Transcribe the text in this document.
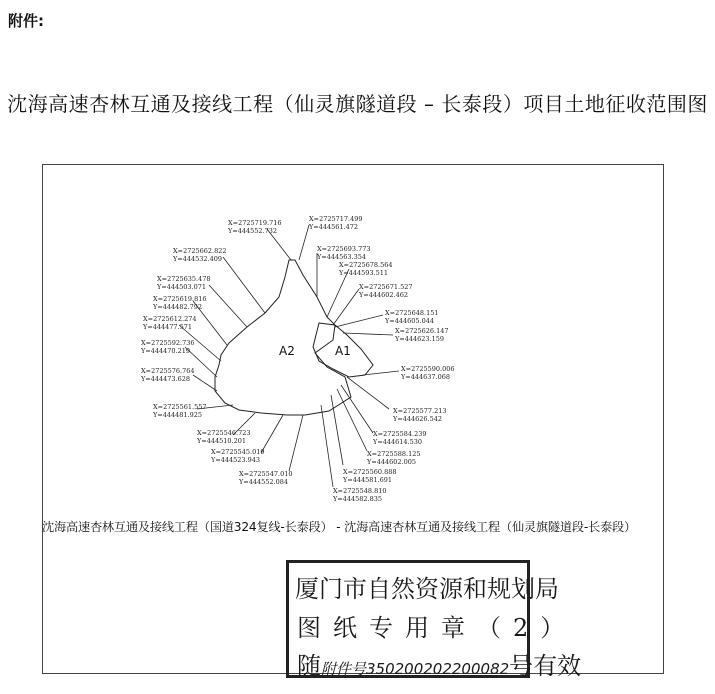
附件:
沈海高速杏林互通及接线工程（仙灵旗隧道段 – 长泰段）项目土地征收范围图
A2	A1
X=2725719.716
Y=444552.732
X=2725717.499
Y=444561.472
X=2725693.773
Y=444563.354
X=2725678.564
Y=444593.511
X=2725671.527
Y=444602.462
X=2725648.151
Y=444605.044
X=2725626.147
Y=444623.159
X=2725590.006
Y=444637.068
X=2725577.213
Y=444626.542
X=2725584.239
Y=444614.530
X=2725588.125
Y=444602.005
X=2725560.888
Y=444581.691
X=2725548.810
Y=444582.835
X=2725547.010
Y=444552.084
X=2725545.019
Y=444523.943
X=2725546.723
Y=444510.201
X=2725561.557
Y=444481.925
X=2725576.764
Y=444473.628
X=2725592.736
Y=444470.219
X=2725612.274
Y=444477.571
X=2725619.816
Y=444482.792
X=2725635.478
Y=444503.071
X=2725662.822
Y=444532.409
沈海高速杏林互通及接线工程（国道324复线-长泰段） - 沈海高速杏林互通及接线工程（仙灵旗隧道段-长泰段）
厦门市自然资源和规划局
图纸专用章（2）
随附件号350200202200082号有效
